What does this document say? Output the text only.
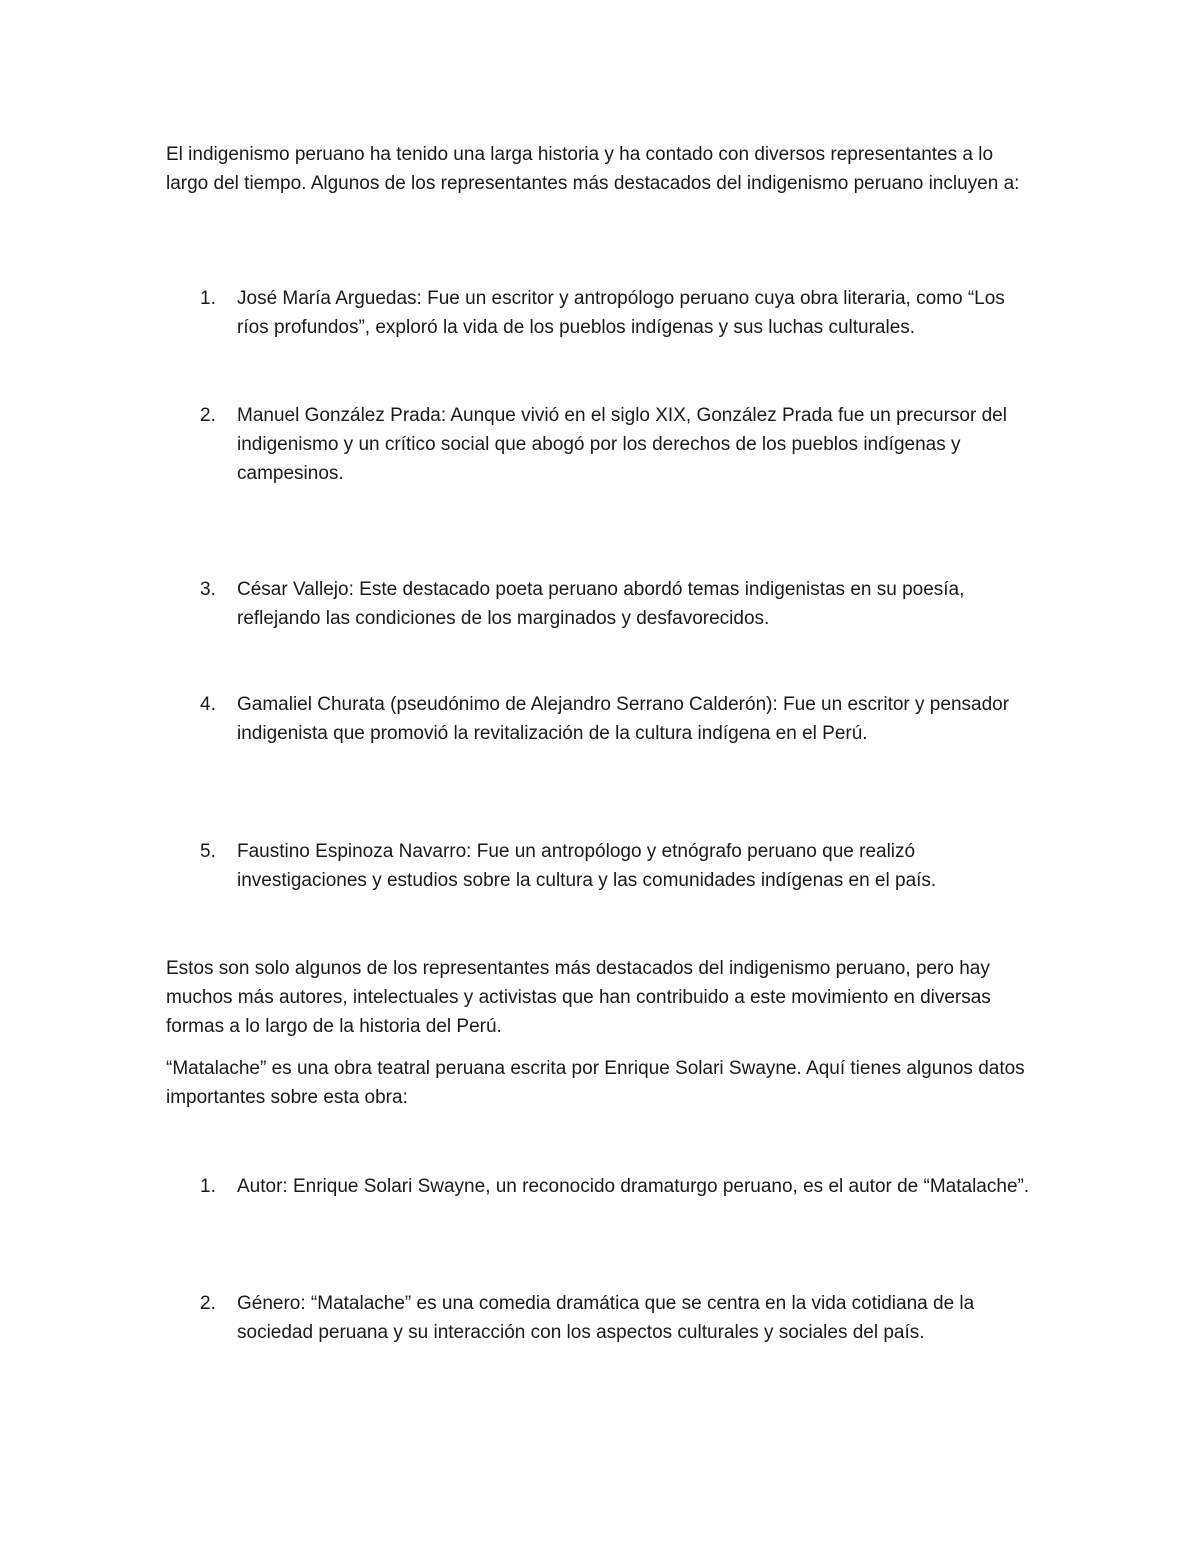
El indigenismo peruano ha tenido una larga historia y ha contado con diversos representantes a lo largo del tiempo. Algunos de los representantes más destacados del indigenismo peruano incluyen a:

1.	José María Arguedas: Fue un escritor y antropólogo peruano cuya obra literaria, como “Los ríos profundos”, exploró la vida de los pueblos indígenas y sus luchas culturales.
2.	Manuel González Prada: Aunque vivió en el siglo XIX, González Prada fue un precursor del indigenismo y un crítico social que abogó por los derechos de los pueblos indígenas y campesinos.
3.	César Vallejo: Este destacado poeta peruano abordó temas indigenistas en su poesía, reflejando las condiciones de los marginados y desfavorecidos.
4.	Gamaliel Churata (pseudónimo de Alejandro Serrano Calderón): Fue un escritor y pensador indigenista que promovió la revitalización de la cultura indígena en el Perú.
5.	Faustino Espinoza Navarro: Fue un antropólogo y etnógrafo peruano que realizó investigaciones y estudios sobre la cultura y las comunidades indígenas en el país.

Estos son solo algunos de los representantes más destacados del indigenismo peruano, pero hay muchos más autores, intelectuales y activistas que han contribuido a este movimiento en diversas formas a lo largo de la historia del Perú.

“Matalache” es una obra teatral peruana escrita por Enrique Solari Swayne. Aquí tienes algunos datos importantes sobre esta obra:

1.	Autor: Enrique Solari Swayne, un reconocido dramaturgo peruano, es el autor de “Matalache”.
2.	Género: “Matalache” es una comedia dramática que se centra en la vida cotidiana de la sociedad peruana y su interacción con los aspectos culturales y sociales del país.
